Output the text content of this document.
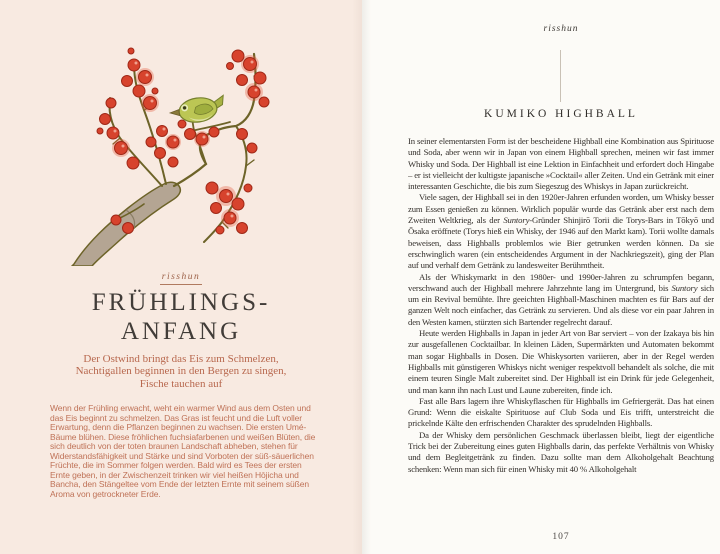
risshun
FRÜHLINGS-
ANFANG
Der Ostwind bringt das Eis zum Schmelzen,
Nachtigallen beginnen in den Bergen zu singen,
Fische tauchen auf

Wenn der Frühling erwacht, weht ein warmer Wind aus dem Osten und das Eis beginnt zu schmelzen. Das Gras ist feucht und die Luft voller Erwartung, denn die Pflanzen beginnen zu wachsen. Die ersten Umé-Bäume blühen. Diese fröhlichen fuchsiafarbenen und weißen Blüten, die sich deutlich von der toten braunen Landschaft abheben, stehen für Widerstandsfähigkeit und Stärke und sind Vorboten der süß-säuerlichen Früchte, die im Sommer folgen werden. Bald wird es Tees der ersten Ernte geben, in der Zwischenzeit trinken wir viel heißen Hōjicha und Bancha, den Stängeltee vom Ende der letzten Ernte mit seinem süßen Aroma von getrockneter Erde.

risshun
KUMIKO HIGHBALL

In seiner elementarsten Form ist der bescheidene Highball eine Kombination aus Spirituose und Soda, aber wenn wir in Japan von einem Highball sprechen, meinen wir fast immer Whisky und Soda. Der Highball ist eine Lektion in Einfachheit und erfordert doch Hingabe – er ist vielleicht der kultigste japanische »Cocktail« aller Zeiten. Und ein Getränk mit einer interessanten Geschichte, die bis zum Siegeszug des Whiskys in Japan zurückreicht.

Viele sagen, der Highball sei in den 1920er-Jahren erfunden worden, um Whisky besser zum Essen genießen zu können. Wirklich populär wurde das Getränk aber erst nach dem Zweiten Weltkrieg, als der Suntory-Gründer Shinjirō Torii die Torys-Bars in Tōkyō und Ōsaka eröffnete (Torys hieß ein Whisky, der 1946 auf den Markt kam). Torii wollte damals beweisen, dass Highballs problemlos wie Bier getrunken werden können. Da sie erschwinglich waren (ein entscheidendes Argument in der Nachkriegszeit), ging der Plan auf und verhalf dem Getränk zu landesweiter Berühmtheit.

Als der Whiskymarkt in den 1980er- und 1990er-Jahren zu schrumpfen begann, verschwand auch der Highball mehrere Jahrzehnte lang im Untergrund, bis Suntory sich um ein Revival bemühte. Ihre geeichten Highball-Maschinen machten es für Bars auf der ganzen Welt noch einfacher, das Getränk zu servieren. Und als diese vor ein paar Jahren in den Westen kamen, stürzten sich Bartender regelrecht darauf.

Heute werden Highballs in Japan in jeder Art von Bar serviert – von der Izakaya bis hin zur ausgefallenen Cocktailbar. In kleinen Läden, Supermärkten und Automaten bekommt man sogar Highballs in Dosen. Die Whiskysorten variieren, aber in der Regel werden Highballs mit günstigeren Whiskys nicht weniger respektvoll behandelt als solche, die mit einem teuren Single Malt zubereitet sind. Der Highball ist ein Drink für jede Gelegenheit, und man kann ihn nach Lust und Laune zubereiten, finde ich.

Fast alle Bars lagern ihre Whiskyflaschen für Highballs im Gefriergerät. Das hat einen Grund: Wenn die eiskalte Spirituose auf Club Soda und Eis trifft, unterstreicht die prickelnde Kälte den erfrischenden Charakter des sprudelnden Highballs.

Da der Whisky dem persönlichen Geschmack überlassen bleibt, liegt der eigentliche Trick bei der Zubereitung eines guten Highballs darin, das perfekte Verhältnis von Whisky und dem Begleitgetränk zu finden. Dazu sollte man dem Alkoholgehalt Beachtung schenken: Wenn man sich für einen Whisky mit 40 % Alkoholgehalt

107
